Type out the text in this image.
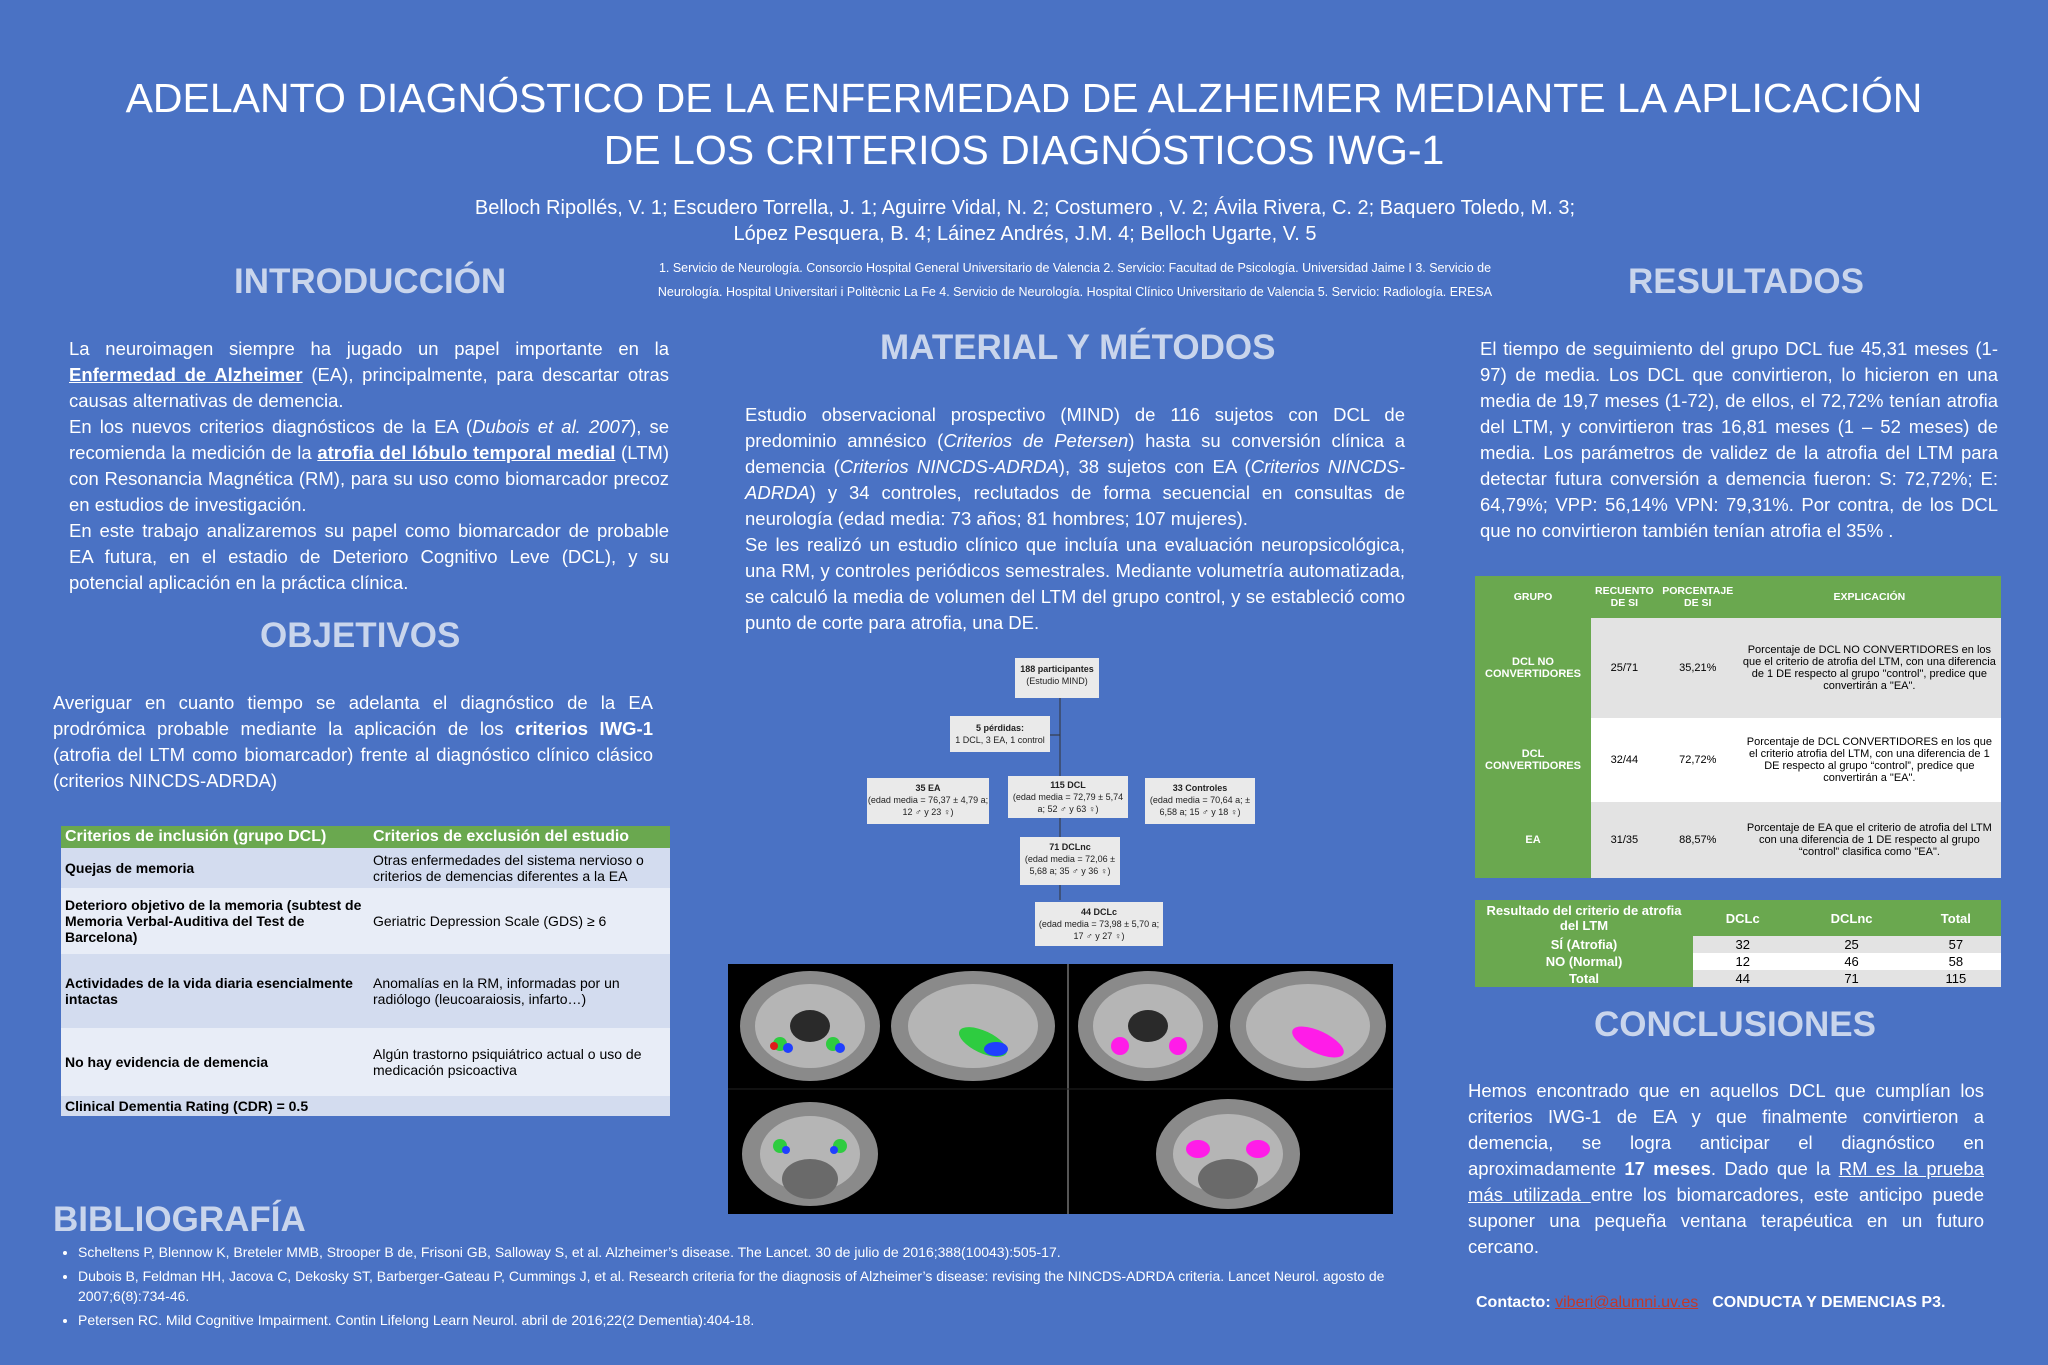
ADELANTO DIAGNÓSTICO DE LA ENFERMEDAD DE ALZHEIMER MEDIANTE LA APLICACIÓN
DE LOS CRITERIOS DIAGNÓSTICOS IWG-1
Belloch Ripollés, V. 1; Escudero Torrella, J. 1; Aguirre Vidal, N. 2; Costumero , V. 2; Ávila Rivera, C. 2; Baquero Toledo, M. 3;
López Pesquera, B. 4; Láinez Andrés, J.M. 4; Belloch Ugarte, V. 5
1. Servicio de Neurología. Consorcio Hospital General Universitario de Valencia 2. Servicio: Facultad de Psicología. Universidad Jaime I 3. Servicio de
Neurología. Hospital Universitari i Politècnic La Fe 4. Servicio de Neurología. Hospital Clínico Universitario de Valencia 5. Servicio: Radiología. ERESA
INTRODUCCIÓN
La neuroimagen siempre ha jugado un papel importante en la Enfermedad de Alzheimer (EA), principalmente, para descartar otras causas alternativas de demencia.
En los nuevos criterios diagnósticos de la EA (Dubois et al. 2007), se recomienda la medición de la atrofia del lóbulo temporal medial (LTM) con Resonancia Magnética (RM), para su uso como biomarcador precoz en estudios de investigación.
En este trabajo analizaremos su papel como biomarcador de probable EA futura, en el estadio de Deterioro Cognitivo Leve (DCL), y su potencial aplicación en la práctica clínica.
OBJETIVOS
Averiguar en cuanto tiempo se adelanta el diagnóstico de la EA prodrómica probable mediante la aplicación de los criterios IWG-1 (atrofia del LTM como biomarcador) frente al diagnóstico clínico clásico (criterios NINCDS-ADRDA)
Criterios de inclusión (grupo DCL)	Criterios de exclusión del estudio
Quejas de memoria	Otras enfermedades del sistema nervioso o criterios de demencias diferentes a la EA
Deterioro objetivo de la memoria (subtest de Memoria Verbal-Auditiva del Test de Barcelona)	Geriatric Depression Scale (GDS) ≥ 6
Actividades de la vida diaria esencialmente intactas	Anomalías en la RM, informadas por un radiólogo (leucoaraiosis, infarto…)
No hay evidencia de demencia	Algún trastorno psiquiátrico actual o uso de medicación psicoactiva
Clinical Dementia Rating (CDR) = 0.5	
MATERIAL Y MÉTODOS
Estudio observacional prospectivo (MIND) de 116 sujetos con DCL de predominio amnésico (Criterios de Petersen) hasta su conversión clínica a demencia (Criterios NINCDS-ADRDA), 38 sujetos con EA (Criterios NINCDS-ADRDA) y 34 controles, reclutados de forma secuencial en consultas de neurología (edad media: 73 años; 81 hombres; 107 mujeres).
Se les realizó un estudio clínico que incluía una evaluación neuropsicológica, una RM, y controles periódicos semestrales. Mediante volumetría automatizada, se calculó la media de volumen del LTM del grupo control, y se estableció como punto de corte para atrofia, una DE.
188 participantes
(Estudio MIND)
5 pérdidas:
1 DCL, 3 EA, 1 control
35 EA
(edad media = 76,37 ± 4,79 a; 12 ♂ y 23 ♀)
115 DCL
(edad media = 72,79 ± 5,74 a; 52 ♂ y 63 ♀)
33 Controles
(edad media = 70,64 a; ± 6,58 a; 15 ♂ y 18 ♀)
71 DCLnc
(edad media = 72,06 ± 5,68 a; 35 ♂ y 36 ♀)
44 DCLc
(edad media = 73,98 ± 5,70 a; 17 ♂ y 27 ♀)
RESULTADOS
El tiempo de seguimiento del grupo DCL fue 45,31 meses (1-97) de media. Los DCL que convirtieron, lo hicieron en una media de 19,7 meses (1-72), de ellos, el 72,72% tenían atrofia del LTM, y convirtieron tras 16,81 meses (1 – 52 meses) de media. Los parámetros de validez de la atrofia del LTM para detectar futura conversión a demencia fueron: S: 72,72%; E: 64,79%; VPP: 56,14% VPN: 79,31%. Por contra, de los DCL que no convirtieron también tenían atrofia el 35% .
GRUPO	RECUENTO DE SI	PORCENTAJE DE SI	EXPLICACIÓN
DCL NO CONVERTIDORES	25/71	35,21%	Porcentaje de DCL NO CONVERTIDORES en los que el criterio de atrofia del LTM, con una diferencia de 1 DE respecto al grupo "control", predice que convertirán a "EA".
DCL CONVERTIDORES	32/44	72,72%	Porcentaje de DCL CONVERTIDORES en los que el criterio atrofia del LTM, con una diferencia de 1 DE respecto al grupo “control”, predice que convertirán a "EA".
EA	31/35	88,57%	Porcentaje de EA que el criterio de atrofia del LTM con una diferencia de 1 DE respecto al grupo “control” clasifica como "EA".
Resultado del criterio de atrofia del LTM	DCLc	DCLnc	Total
SÍ (Atrofia)	32	25	57
NO (Normal)	12	46	58
Total	44	71	115
CONCLUSIONES
Hemos encontrado que en aquellos DCL que cumplían los criterios IWG-1 de EA y que finalmente convirtieron a demencia, se logra anticipar el diagnóstico en aproximadamente 17 meses. Dado que la RM es la prueba más utilizada entre los biomarcadores, este anticipo puede suponer una pequeña ventana terapéutica en un futuro cercano.
BIBLIOGRAFÍA
• Scheltens P, Blennow K, Breteler MMB, Strooper B de, Frisoni GB, Salloway S, et al. Alzheimer’s disease. The Lancet. 30 de julio de 2016;388(10043):505-17.
• Dubois B, Feldman HH, Jacova C, Dekosky ST, Barberger-Gateau P, Cummings J, et al. Research criteria for the diagnosis of Alzheimer’s disease: revising the NINCDS-ADRDA criteria. Lancet Neurol. agosto de 2007;6(8):734-46.
• Petersen RC. Mild Cognitive Impairment. Contin Lifelong Learn Neurol. abril de 2016;22(2 Dementia):404-18.
Contacto: viberi@alumni.uv.es CONDUCTA Y DEMENCIAS P3.
